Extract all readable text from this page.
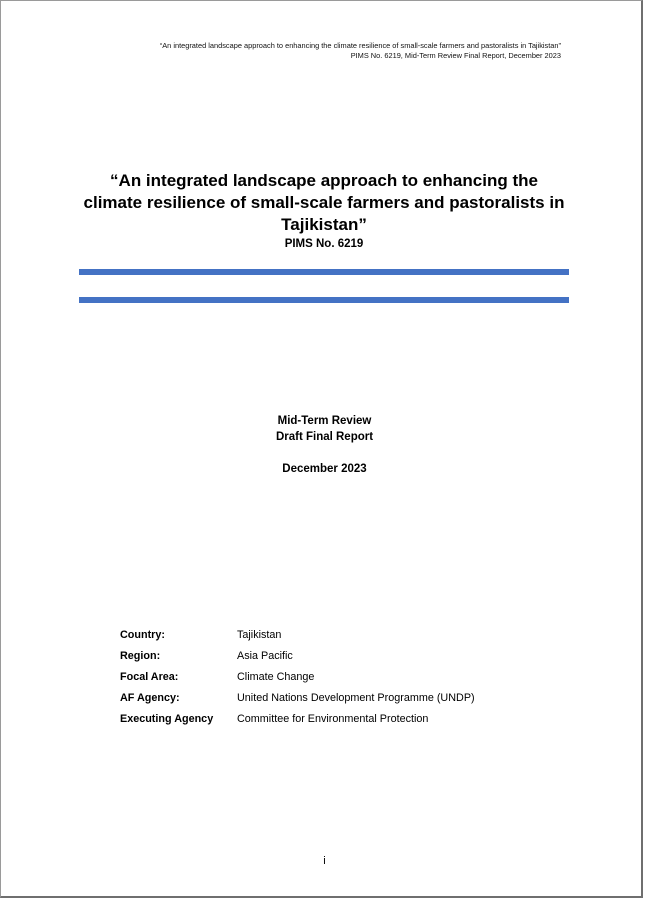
“An integrated landscape approach to enhancing the climate resilience of small-scale farmers and pastoralists in Tajikistan”
PIMS No. 6219, Mid-Term Review Final Report, December 2023
“An integrated landscape approach to enhancing the
climate resilience of small-scale farmers and pastoralists in
Tajikistan”
PIMS No. 6219
Mid-Term Review
Draft Final Report
December 2023
Country:	Tajikistan
Region:	Asia Pacific
Focal Area:	Climate Change
AF Agency:	United Nations Development Programme (UNDP)
Executing Agency	Committee for Environmental Protection
i
